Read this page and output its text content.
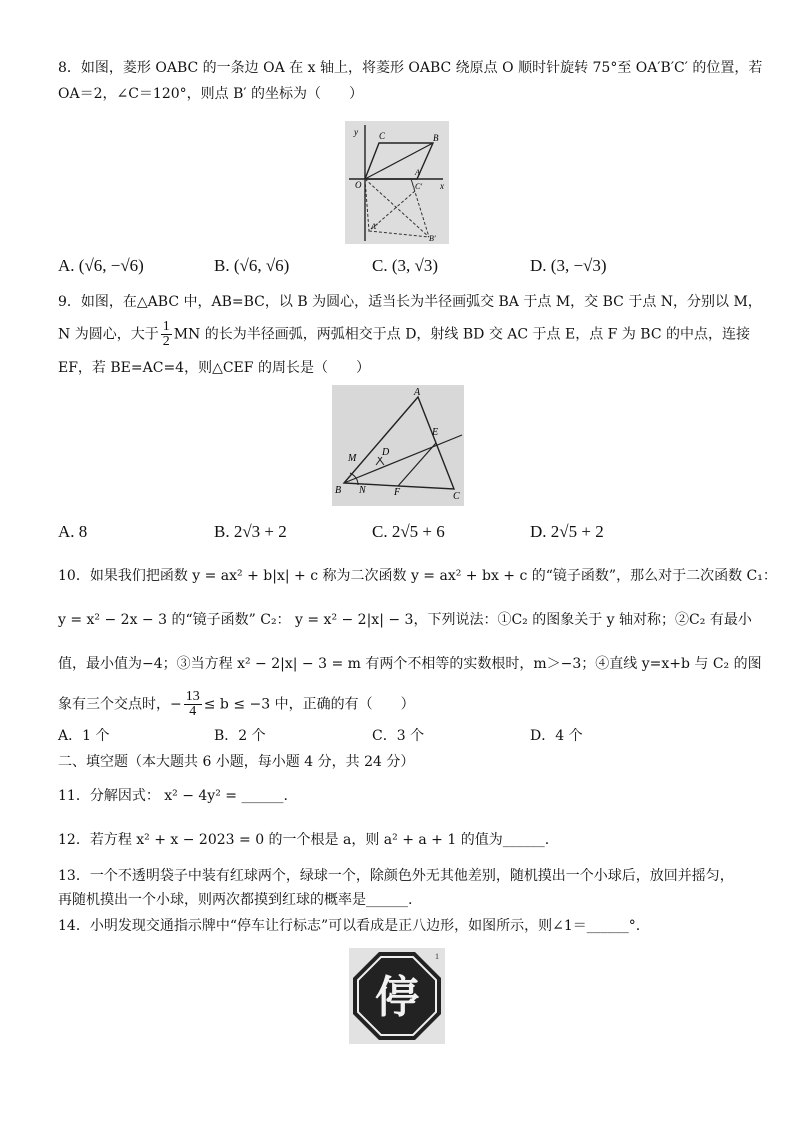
8．如图，菱形 OABC 的一条边 OA 在 x 轴上，将菱形 OABC 绕原点 O 顺时针旋转 75°至 OA′B′C′ 的位置，若
OA＝2，∠C＝120°，则点 B′ 的坐标为（　　）
y C	B
A
O	x
C′
A′
B′
A. (√6, −√6)	B. (√6, √6)	C. (3, √3)	D. (3, −√3)
9．如图，在△ABC 中，AB=BC，以 B 为圆心，适当长为半径画弧交 BA 于点 M，交 BC 于点 N，分别以 M，
N 为圆心，大于 $\frac{1}{2}$ MN 的长为半径画弧，两弧相交于点 D，射线 BD 交 AC 于点 E，点 F 为 BC 的中点，连接
EF，若 BE=AC=4，则△CEF 的周长是（　　）
A
E
M
D
B N	F	C
A. 8	B. 2√3 + 2	C. 2√5 + 6	D. 2√5 + 2
10．如果我们把函数 y = ax² + b|x| + c 称为二次函数 y = ax² + bx + c 的“镜子函数”，那么对于二次函数 C₁：
y = x² − 2x − 3 的“镜子函数” C₂： y = x² − 2|x| − 3，下列说法：①C₂ 的图象关于 y 轴对称；②C₂ 有最小
值，最小值为−4；③当方程 x² − 2|x| − 3 = m 有两个不相等的实数根时，m＞−3；④直线 y=x+b 与 C₂ 的图
象有三个交点时，− $\frac{13}{4} \le b \le -3$ 中，正确的有（　　）
A．1 个	B．2 个	C．3 个	D．4 个
二、填空题（本大题共 6 小题，每小题 4 分，共 24 分）
11．分解因式： x² − 4y² = ______.
12．若方程 x² + x − 2023 = 0 的一个根是 a，则 a² + a + 1 的值为______.
13．一个不透明袋子中装有红球两个，绿球一个，除颜色外无其他差别，随机摸出一个小球后，放回并摇匀，
再随机摸出一个小球，则两次都摸到红球的概率是______.
14．小明发现交通指示牌中“停车让行标志”可以看成是正八边形，如图所示，则∠1＝______°.
停
1
